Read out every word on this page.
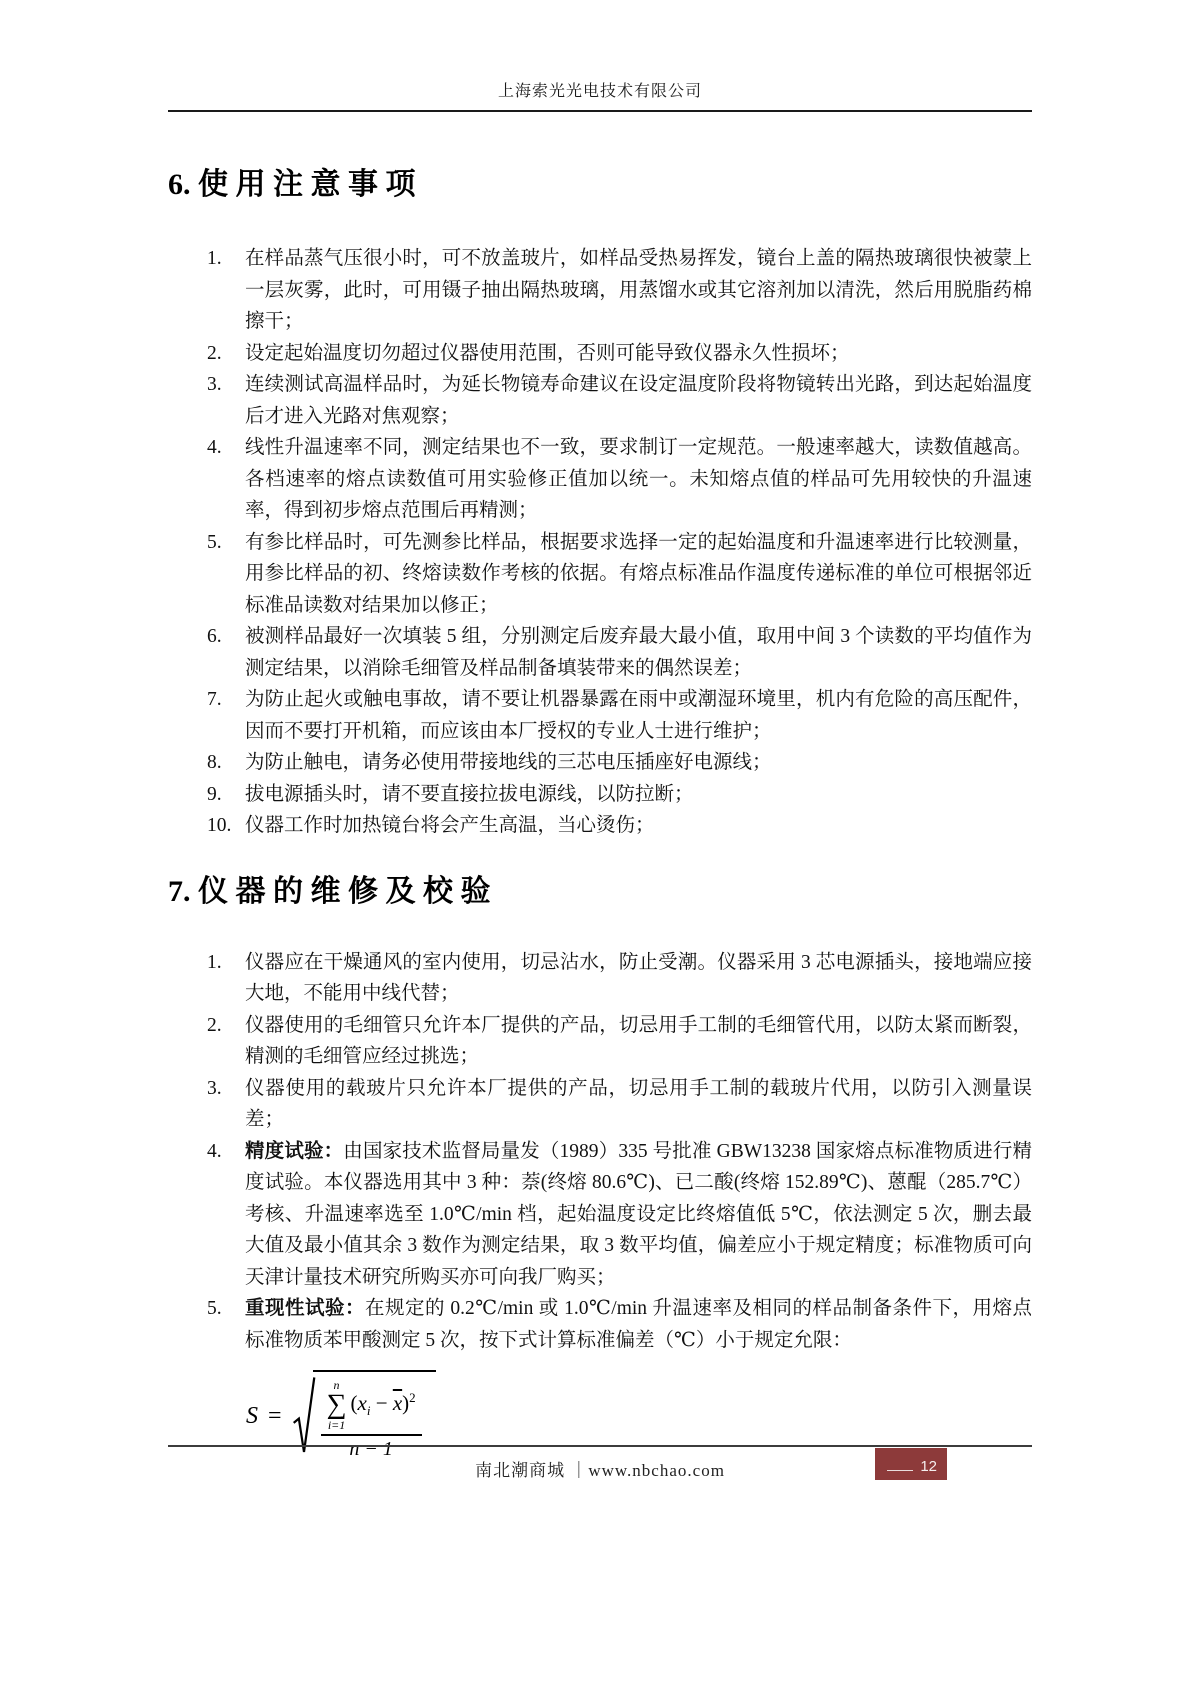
上海索光光电技术有限公司
6. 使 用 注 意 事 项
1.	在样品蒸气压很小时，可不放盖玻片，如样品受热易挥发，镜台上盖的隔热玻璃很快被蒙上一层灰雾，此时，可用镊子抽出隔热玻璃，用蒸馏水或其它溶剂加以清洗，然后用脱脂药棉擦干；
2.	设定起始温度切勿超过仪器使用范围，否则可能导致仪器永久性损坏；
3.	连续测试高温样品时，为延长物镜寿命建议在设定温度阶段将物镜转出光路，到达起始温度后才进入光路对焦观察；
4.	线性升温速率不同，测定结果也不一致，要求制订一定规范。一般速率越大，读数值越高。各档速率的熔点读数值可用实验修正值加以统一。未知熔点值的样品可先用较快的升温速率，得到初步熔点范围后再精测；
5.	有参比样品时，可先测参比样品，根据要求选择一定的起始温度和升温速率进行比较测量，用参比样品的初、终熔读数作考核的依据。有熔点标准品作温度传递标准的单位可根据邻近标准品读数对结果加以修正；
6.	被测样品最好一次填装 5 组，分别测定后废弃最大最小值，取用中间 3 个读数的平均值作为测定结果，以消除毛细管及样品制备填装带来的偶然误差；
7.	为防止起火或触电事故，请不要让机器暴露在雨中或潮湿环境里，机内有危险的高压配件，因而不要打开机箱，而应该由本厂授权的专业人士进行维护；
8.	为防止触电，请务必使用带接地线的三芯电压插座好电源线；
9.	拔电源插头时，请不要直接拉拔电源线，以防拉断；
10. 仪器工作时加热镜台将会产生高温，当心烫伤；
7. 仪 器 的 维 修 及 校 验
1.	仪器应在干燥通风的室内使用，切忌沾水，防止受潮。仪器采用 3 芯电源插头，接地端应接大地，不能用中线代替；
2.	仪器使用的毛细管只允许本厂提供的产品，切忌用手工制的毛细管代用，以防太紧而断裂，精测的毛细管应经过挑选；
3.	仪器使用的载玻片只允许本厂提供的产品，切忌用手工制的载玻片代用，以防引入测量误差；
4.	精度试验：由国家技术监督局量发（1989）335 号批准 GBW13238 国家熔点标准物质进行精度试验。本仪器选用其中 3 种：萘(终熔 80.6℃)、已二酸(终熔 152.89℃)、蒽醌（285.7℃）考核、升温速率选至 1.0℃/min 档，起始温度设定比终熔值低 5℃，依法测定 5 次，删去最大值及最小值其余 3 数作为测定结果，取 3 数平均值，偏差应小于规定精度；标准物质可向天津计量技术研究所购买亦可向我厂购买；
5.	重现性试验：在规定的 0.2℃/min 或 1.0℃/min 升温速率及相同的样品制备条件下，用熔点标准物质苯甲酸测定 5 次，按下式计算标准偏差（℃）小于规定允限：
S =
n
∑
i=1
$(x_i - \overline{x})^2$
n − 1
南北潮商城 ｜www.nbchao.com	12
